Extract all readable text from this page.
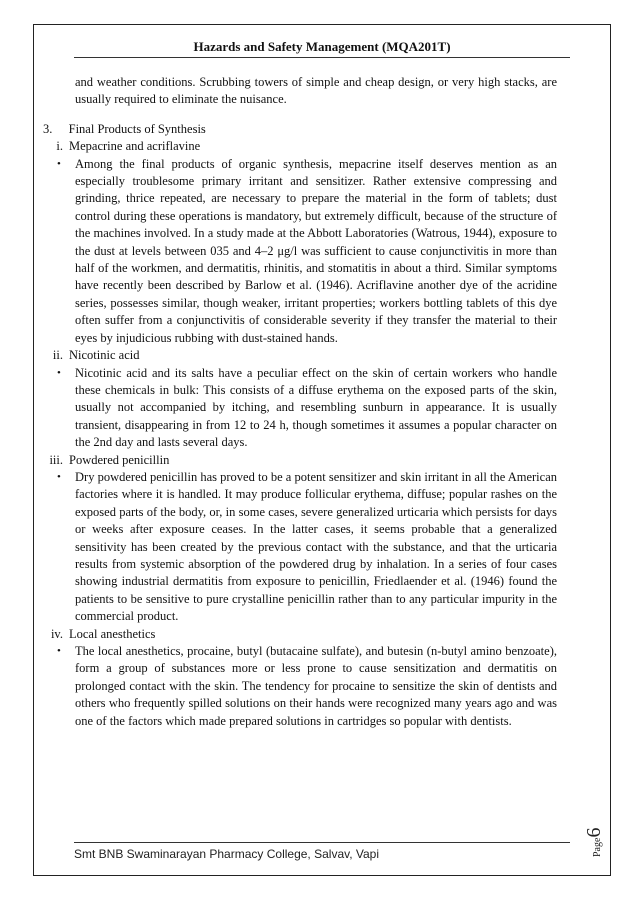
Hazards and Safety Management (MQA201T)
Smt BNB Swaminarayan Pharmacy College, Salvav, Vapi

and weather conditions. Scrubbing towers of simple and cheap design, or very high stacks, are usually required to eliminate the nuisance.

3. Final Products of Synthesis
i. Mepacrine and acriflavine
•	Among the final products of organic synthesis, mepacrine itself deserves mention as an especially troublesome primary irritant and sensitizer. Rather extensive compressing and grinding, thrice repeated, are necessary to prepare the material in the form of tablets; dust control during these operations is mandatory, but extremely difficult, because of the structure of the machines involved. In a study made at the Abbott Laboratories (Watrous, 1944), exposure to the dust at levels between 035 and 4–2 μg/l was sufficient to cause conjunctivitis in more than half of the workmen, and dermatitis, rhinitis, and stomatitis in about a third. Similar symptoms have recently been described by Barlow et al. (1946). Acriflavine another dye of the acridine series, possesses similar, though weaker, irritant properties; workers bottling tablets of this dye often suffer from a conjunctivitis of considerable severity if they transfer the material to their eyes by injudicious rubbing with dust-stained hands.
ii. Nicotinic acid
•	Nicotinic acid and its salts have a peculiar effect on the skin of certain workers who handle these chemicals in bulk: This consists of a diffuse erythema on the exposed parts of the skin, usually not accompanied by itching, and resembling sunburn in appearance. It is usually transient, disappearing in from 12 to 24 h, though sometimes it assumes a popular character on the 2nd day and lasts several days.
iii. Powdered penicillin
•	Dry powdered penicillin has proved to be a potent sensitizer and skin irritant in all the American factories where it is handled. It may produce follicular erythema, diffuse; popular rashes on the exposed parts of the body, or, in some cases, severe generalized urticaria which persists for days or weeks after exposure ceases. In the latter cases, it seems probable that a generalized sensitivity has been created by the previous contact with the substance, and that the urticaria results from systemic absorption of the powdered drug by inhalation. In a series of four cases showing industrial dermatitis from exposure to penicillin, Friedlaender et al. (1946) found the patients to be sensitive to pure crystalline penicillin rather than to any particular impurity in the commercial product.
iv. Local anesthetics
•	The local anesthetics, procaine, butyl (butacaine sulfate), and butesin (n-butyl amino benzoate), form a group of substances more or less prone to cause sensitization and dermatitis on prolonged contact with the skin. The tendency for procaine to sensitize the skin of dentists and others who frequently spilled solutions on their hands were recognized many years ago and was one of the factors which made prepared solutions in cartridges so popular with dentists.
Page6
